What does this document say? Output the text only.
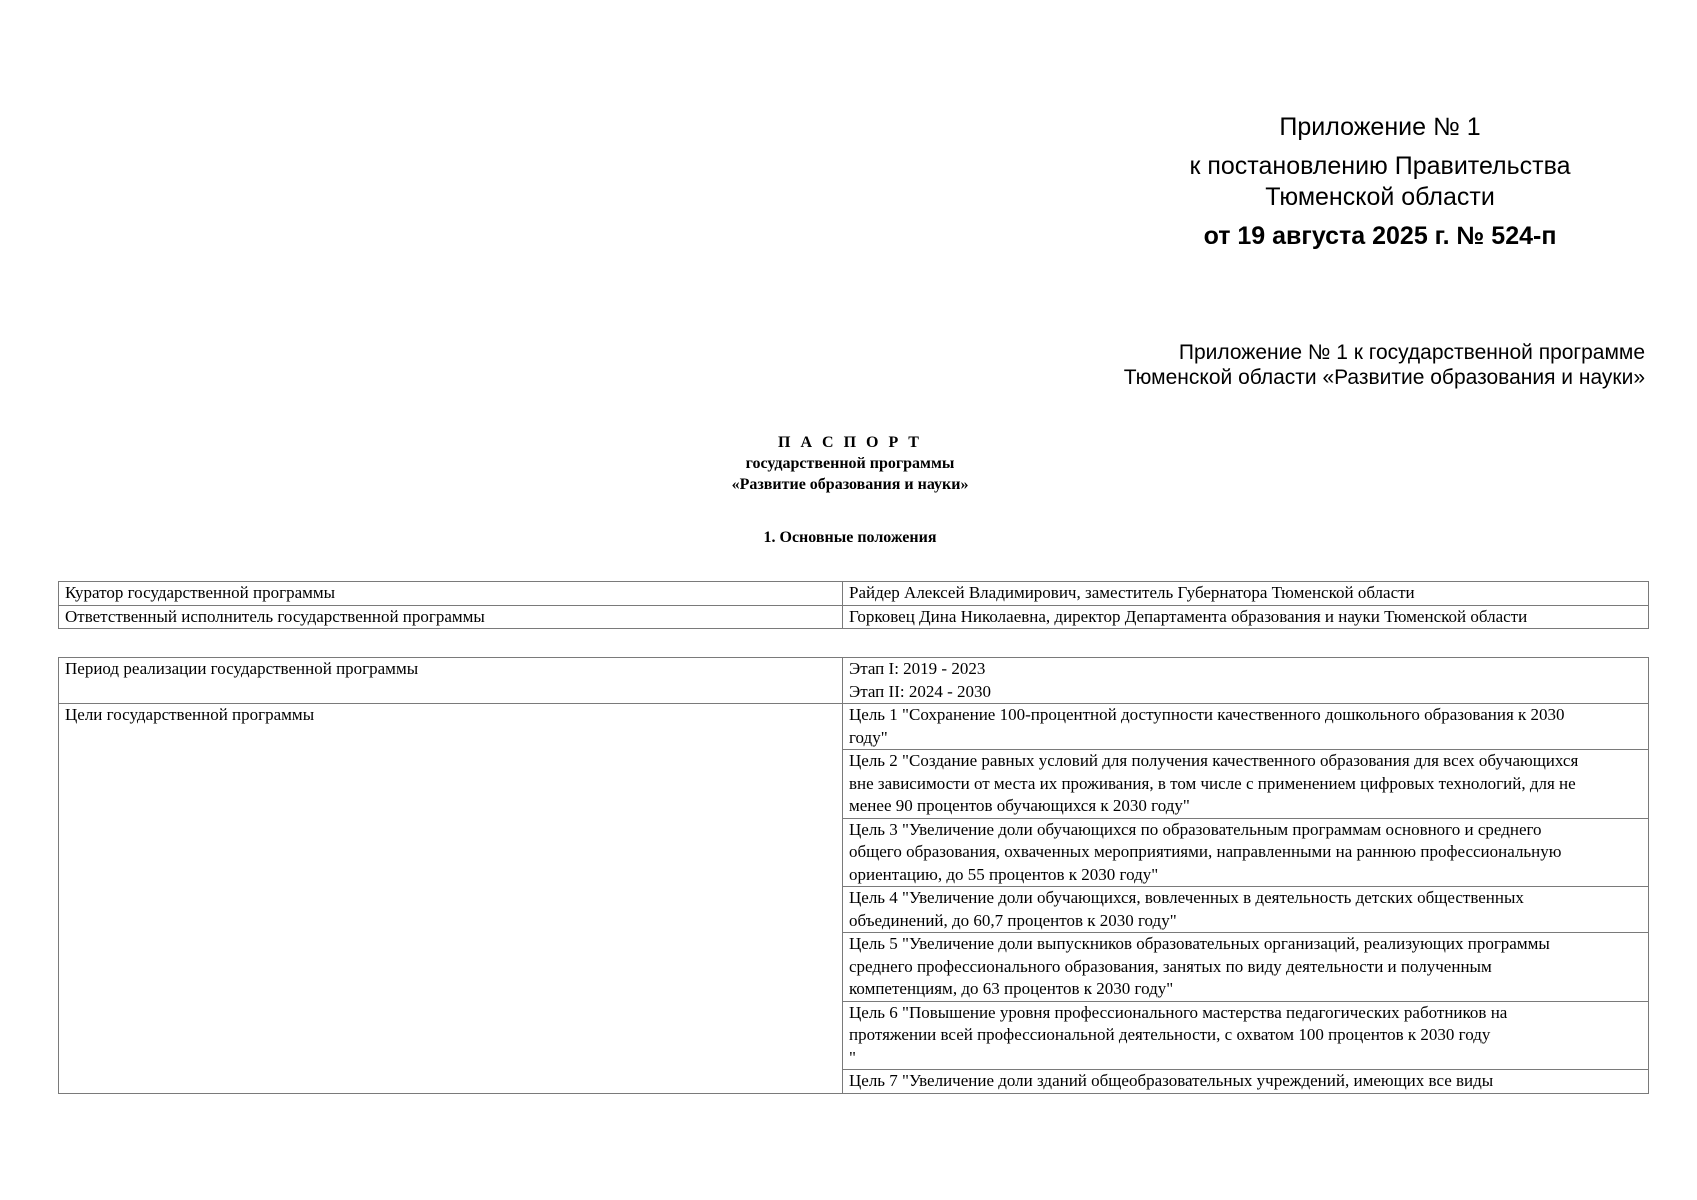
Приложение № 1
к постановлению Правительства Тюменской области
от 19 августа 2025 г. № 524-п
Приложение № 1 к государственной программе
Тюменской области «Развитие образования и науки»
П А С П О Р Т
государственной программы
«Развитие образования и науки»
1. Основные положения
Куратор государственной программы	Райдер Алексей Владимирович, заместитель Губернатора Тюменской области
Ответственный исполнитель государственной программы	Горковец Дина Николаевна, директор Департамента образования и науки Тюменской области
Период реализации государственной программы	Этап I: 2019 - 2023
Этап II: 2024 - 2030

Цели государственной программы	Цель 1 "Сохранение 100-процентной доступности качественного дошкольного образования к 2030
году"

	Цель 2 "Создание равных условий для получения качественного образования для всех обучающихся
вне зависимости от места их проживания, в том числе с применением цифровых технологий, для не
менее 90 процентов обучающихся к 2030 году"

	Цель 3 "Увеличение доли обучающихся по образовательным программам основного и среднего
общего образования, охваченных мероприятиями, направленными на раннюю профессиональную
ориентацию, до 55 процентов к 2030 году"

	Цель 4 "Увеличение доли обучающихся, вовлеченных в деятельность детских общественных
объединений, до 60,7 процентов к 2030 году"

	Цель 5 "Увеличение доли выпускников образовательных организаций, реализующих программы
среднего профессионального образования, занятых по виду деятельности и полученным
компетенциям, до 63 процентов к 2030 году"

	Цель 6 "Повышение уровня профессионального мастерства педагогических работников на
протяжении всей профессиональной деятельности, с охватом 100 процентов к 2030 году
"

	Цель 7 "Увеличение доли зданий общеобразовательных учреждений, имеющих все виды
